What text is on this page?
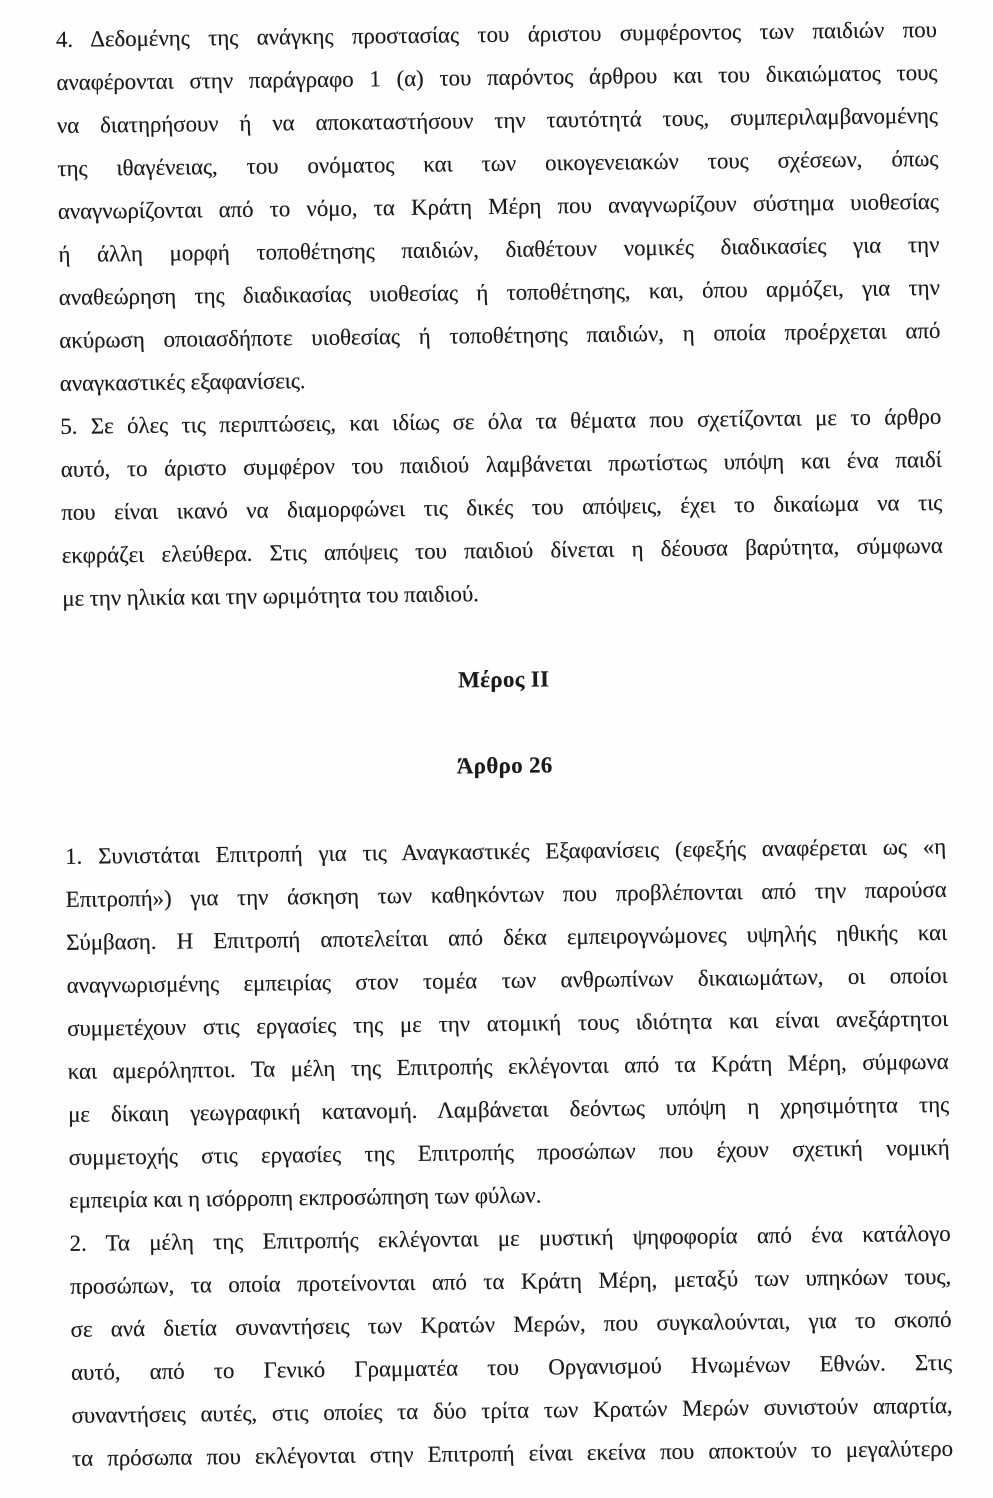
4. Δεδομένης της ανάγκης προστασίας του άριστου συμφέροντος των παιδιών που
αναφέρονται στην παράγραφο 1 (α) του παρόντος άρθρου και του δικαιώματος τους
να διατηρήσουν ή να αποκαταστήσουν την ταυτότητά τους, συμπεριλαμβανομένης
της ιθαγένειας, του ονόματος και των οικογενειακών τους σχέσεων, όπως
αναγνωρίζονται από το νόμο, τα Κράτη Μέρη που αναγνωρίζουν σύστημα υιοθεσίας
ή άλλη μορφή τοποθέτησης παιδιών, διαθέτουν νομικές διαδικασίες για την
αναθεώρηση της διαδικασίας υιοθεσίας ή τοποθέτησης, και, όπου αρμόζει, για την
ακύρωση οποιασδήποτε υιοθεσίας ή τοποθέτησης παιδιών, η οποία προέρχεται από
αναγκαστικές εξαφανίσεις.
5. Σε όλες τις περιπτώσεις, και ιδίως σε όλα τα θέματα που σχετίζονται με το άρθρο
αυτό, το άριστο συμφέρον του παιδιού λαμβάνεται πρωτίστως υπόψη και ένα παιδί
που είναι ικανό να διαμορφώνει τις δικές του απόψεις, έχει το δικαίωμα να τις
εκφράζει ελεύθερα. Στις απόψεις του παιδιού δίνεται η δέουσα βαρύτητα, σύμφωνα
με την ηλικία και την ωριμότητα του παιδιού.
Μέρος II
Άρθρο 26
1. Συνιστάται Επιτροπή για τις Αναγκαστικές Εξαφανίσεις (εφεξής αναφέρεται ως «η
Επιτροπή») για την άσκηση των καθηκόντων που προβλέπονται από την παρούσα
Σύμβαση. Η Επιτροπή αποτελείται από δέκα εμπειρογνώμονες υψηλής ηθικής και
αναγνωρισμένης εμπειρίας στον τομέα των ανθρωπίνων δικαιωμάτων, οι οποίοι
συμμετέχουν στις εργασίες της με την ατομική τους ιδιότητα και είναι ανεξάρτητοι
και αμερόληπτοι. Τα μέλη της Επιτροπής εκλέγονται από τα Κράτη Μέρη, σύμφωνα
με δίκαιη γεωγραφική κατανομή. Λαμβάνεται δεόντως υπόψη η χρησιμότητα της
συμμετοχής στις εργασίες της Επιτροπής προσώπων που έχουν σχετική νομική
εμπειρία και η ισόρροπη εκπροσώπηση των φύλων.
2. Τα μέλη της Επιτροπής εκλέγονται με μυστική ψηφοφορία από ένα κατάλογο
προσώπων, τα οποία προτείνονται από τα Κράτη Μέρη, μεταξύ των υπηκόων τους,
σε ανά διετία συναντήσεις των Κρατών Μερών, που συγκαλούνται, για το σκοπό
αυτό, από το Γενικό Γραμματέα του Οργανισμού Ηνωμένων Εθνών. Στις
συναντήσεις αυτές, στις οποίες τα δύο τρίτα των Κρατών Μερών συνιστούν απαρτία,
τα πρόσωπα που εκλέγονται στην Επιτροπή είναι εκείνα που αποκτούν το μεγαλύτερο
